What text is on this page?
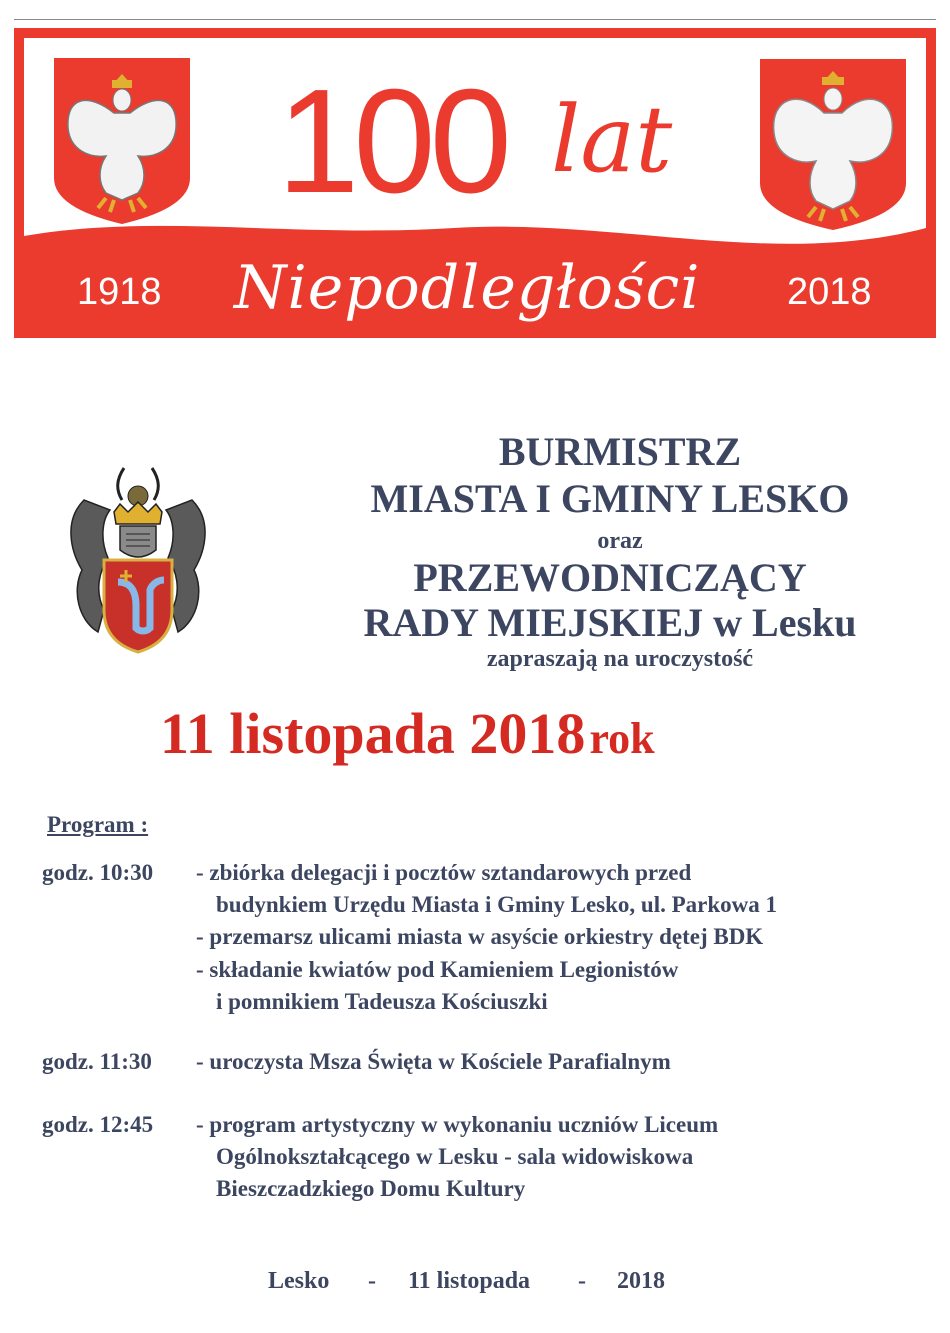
100 lat
1918 Niepodległości 2018
BURMISTRZ
MIASTA I GMINY LESKO
oraz
PRZEWODNICZĄCY
RADY MIEJSKIEJ w Lesku
zapraszają na uroczystość
11 listopada 2018 rok
Program :
godz. 10:30 - zbiórka delegacji i pocztów sztandarowych przed
budynkiem Urzędu Miasta i Gminy Lesko, ul. Parkowa 1
- przemarsz ulicami miasta w asyście orkiestry dętej BDK
- składanie kwiatów pod Kamieniem Legionistów
i pomnikiem Tadeusza Kościuszki
godz. 11:30 - uroczysta Msza Święta w Kościele Parafialnym
godz. 12:45 - program artystyczny w wykonaniu uczniów Liceum
Ogólnokształcącego w Lesku - sala widowiskowa
Bieszczadzkiego Domu Kultury
Lesko - 11 listopada - 2018
